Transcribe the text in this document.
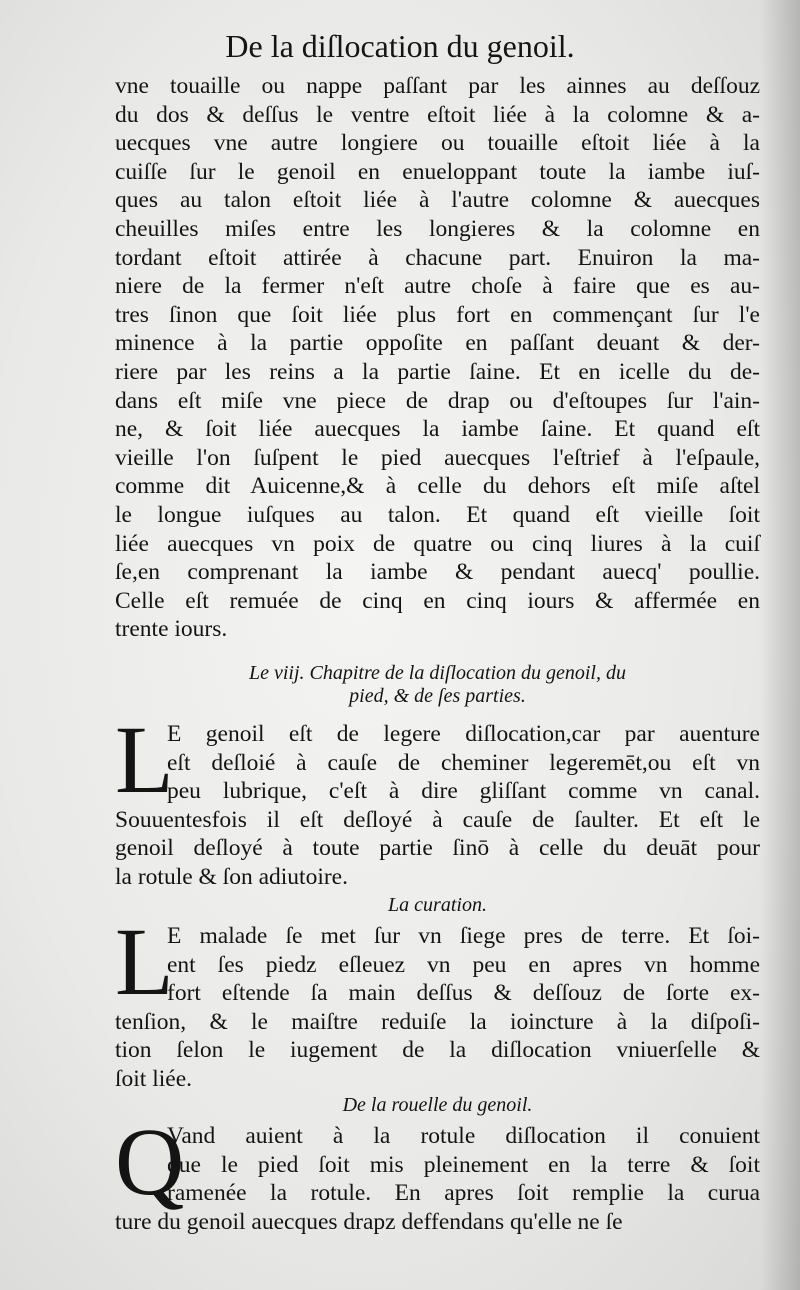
De la diſlocation du genoil.
vne touaille ou nappe paſſant par les ainnes au deſſouz
du dos & deſſus le ventre eſtoit liée à la colomne & a-
uecques vne autre longiere ou touaille eſtoit liée à la
cuiſſe ſur le genoil en enueloppant toute la iambe iuſ-
ques au talon eſtoit liée à l'autre colomne & auecques
cheuilles miſes entre les longieres & la colomne en
tordant eſtoit attirée à chacune part. Enuiron la ma-
niere de la fermer n'eſt autre choſe à faire que es au-
tres ſinon que ſoit liée plus fort en commençant ſur l'e
minence à la partie oppoſite en paſſant deuant & der-
riere par les reins a la partie ſaine. Et en icelle du de-
dans eſt miſe vne piece de drap ou d'eſtoupes ſur l'ain-
ne, & ſoit liée auecques la iambe ſaine. Et quand eſt
vieille l'on ſuſpent le pied auecques l'eſtrief à l'eſpaule,
comme dit Auicenne,& à celle du dehors eſt miſe aſtel
le longue iuſques au talon. Et quand eſt vieille ſoit
liée auecques vn poix de quatre ou cinq liures à la cuiſ
ſe,en comprenant la iambe & pendant auecq' poullie.
Celle eſt remuée de cinq en cinq iours & affermée en
trente iours.
Le viij. Chapitre de la diſlocation du genoil, du
pied, & de ſes parties.
L
E genoil eſt de legere diſlocation,car par auenture
eſt deſloié à cauſe de cheminer legeremēt,ou eſt vn
peu lubrique, c'eſt à dire gliſſant comme vn canal.
Souuentesfois il eſt deſloyé à cauſe de ſaulter. Et eſt le
genoil deſloyé à toute partie ſinō à celle du deuāt pour
la rotule & ſon adiutoire.
La curation.
L
E malade ſe met ſur vn ſiege pres de terre. Et ſoi-
ent ſes piedz eſleuez vn peu en apres vn homme
fort eſtende ſa main deſſus & deſſouz de ſorte ex-
tenſion, & le maiſtre reduiſe la ioincture à la diſpoſi-
tion ſelon le iugement de la diſlocation vniuerſelle &
ſoit liée.
De la rouelle du genoil.
Q
Vand auient à la rotule diſlocation il conuient
que le pied ſoit mis pleinement en la terre & ſoit
ramenée la rotule. En apres ſoit remplie la curua
ture du genoil auecques drapz deffendans qu'elle ne ſe
